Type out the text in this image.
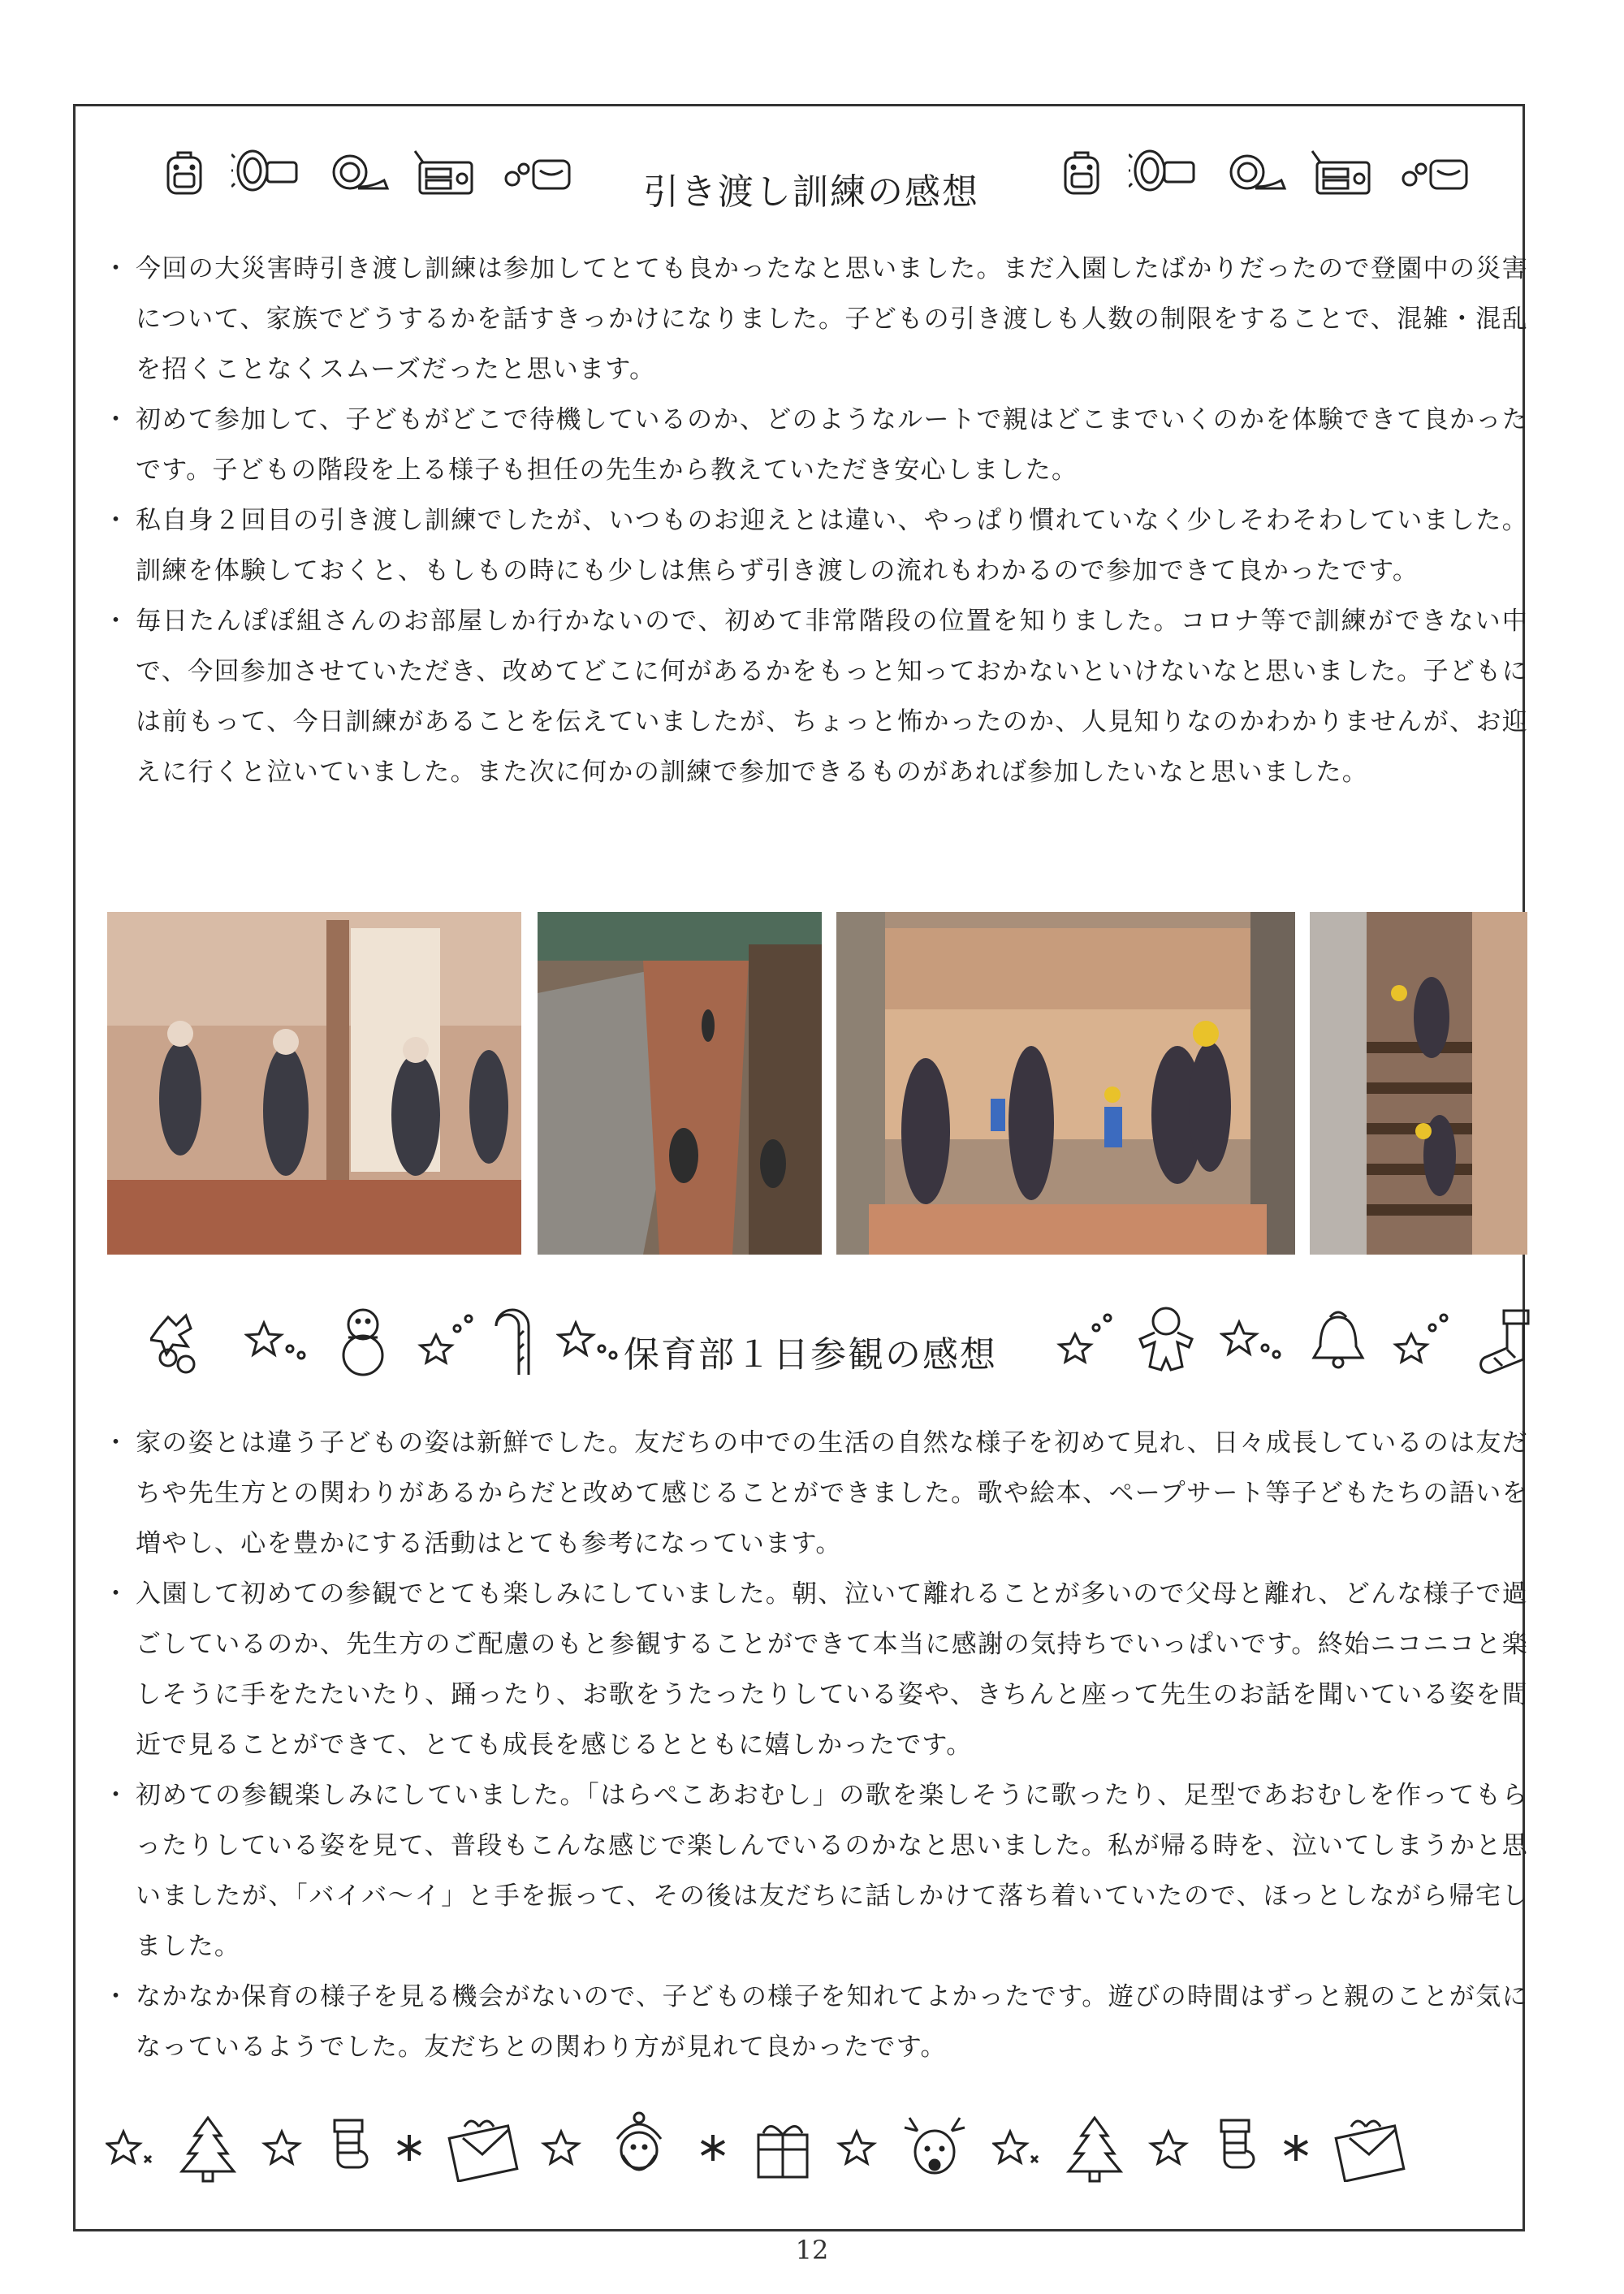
引き渡し訓練の感想
・ 今回の大災害時引き渡し訓練は参加してとても良かったなと思いました。まだ入園したばかりだったので登園中の災害について、家族でどうするかを話すきっかけになりました。子どもの引き渡しも人数の制限をすることで、混雑・混乱を招くことなくスムーズだったと思います。
・ 初めて参加して、子どもがどこで待機しているのか、どのようなルートで親はどこまでいくのかを体験できて良かったです。子どもの階段を上る様子も担任の先生から教えていただき安心しました。
・ 私自身２回目の引き渡し訓練でしたが、いつものお迎えとは違い、やっぱり慣れていなく少しそわそわしていました。訓練を体験しておくと、もしもの時にも少しは焦らず引き渡しの流れもわかるので参加できて良かったです。
・ 毎日たんぽぽ組さんのお部屋しか行かないので、初めて非常階段の位置を知りました。コロナ等で訓練ができない中で、今回参加させていただき、改めてどこに何があるかをもっと知っておかないといけないなと思いました。子どもには前もって、今日訓練があることを伝えていましたが、ちょっと怖かったのか、人見知りなのかわかりませんが、お迎えに行くと泣いていました。また次に何かの訓練で参加できるものがあれば参加したいなと思いました。
保育部１日参観の感想
・ 家の姿とは違う子どもの姿は新鮮でした。友だちの中での生活の自然な様子を初めて見れ、日々成長しているのは友だちや先生方との関わりがあるからだと改めて感じることができました。歌や絵本、ペープサート等子どもたちの語いを増やし、心を豊かにする活動はとても参考になっています。
・ 入園して初めての参観でとても楽しみにしていました。朝、泣いて離れることが多いので父母と離れ、どんな様子で過ごしているのか、先生方のご配慮のもと参観することができて本当に感謝の気持ちでいっぱいです。終始ニコニコと楽しそうに手をたたいたり、踊ったり、お歌をうたったりしている姿や、きちんと座って先生のお話を聞いている姿を間近で見ることができて、とても成長を感じるとともに嬉しかったです。
・ 初めての参観楽しみにしていました。「はらぺこあおむし」の歌を楽しそうに歌ったり、足型であおむしを作ってもらったりしている姿を見て、普段もこんな感じで楽しんでいるのかなと思いました。私が帰る時を、泣いてしまうかと思いましたが、「バイバ～イ」と手を振って、その後は友だちに話しかけて落ち着いていたので、ほっとしながら帰宅しました。
・ なかなか保育の様子を見る機会がないので、子どもの様子を知れてよかったです。遊びの時間はずっと親のことが気になっているようでした。友だちとの関わり方が見れて良かったです。
12
